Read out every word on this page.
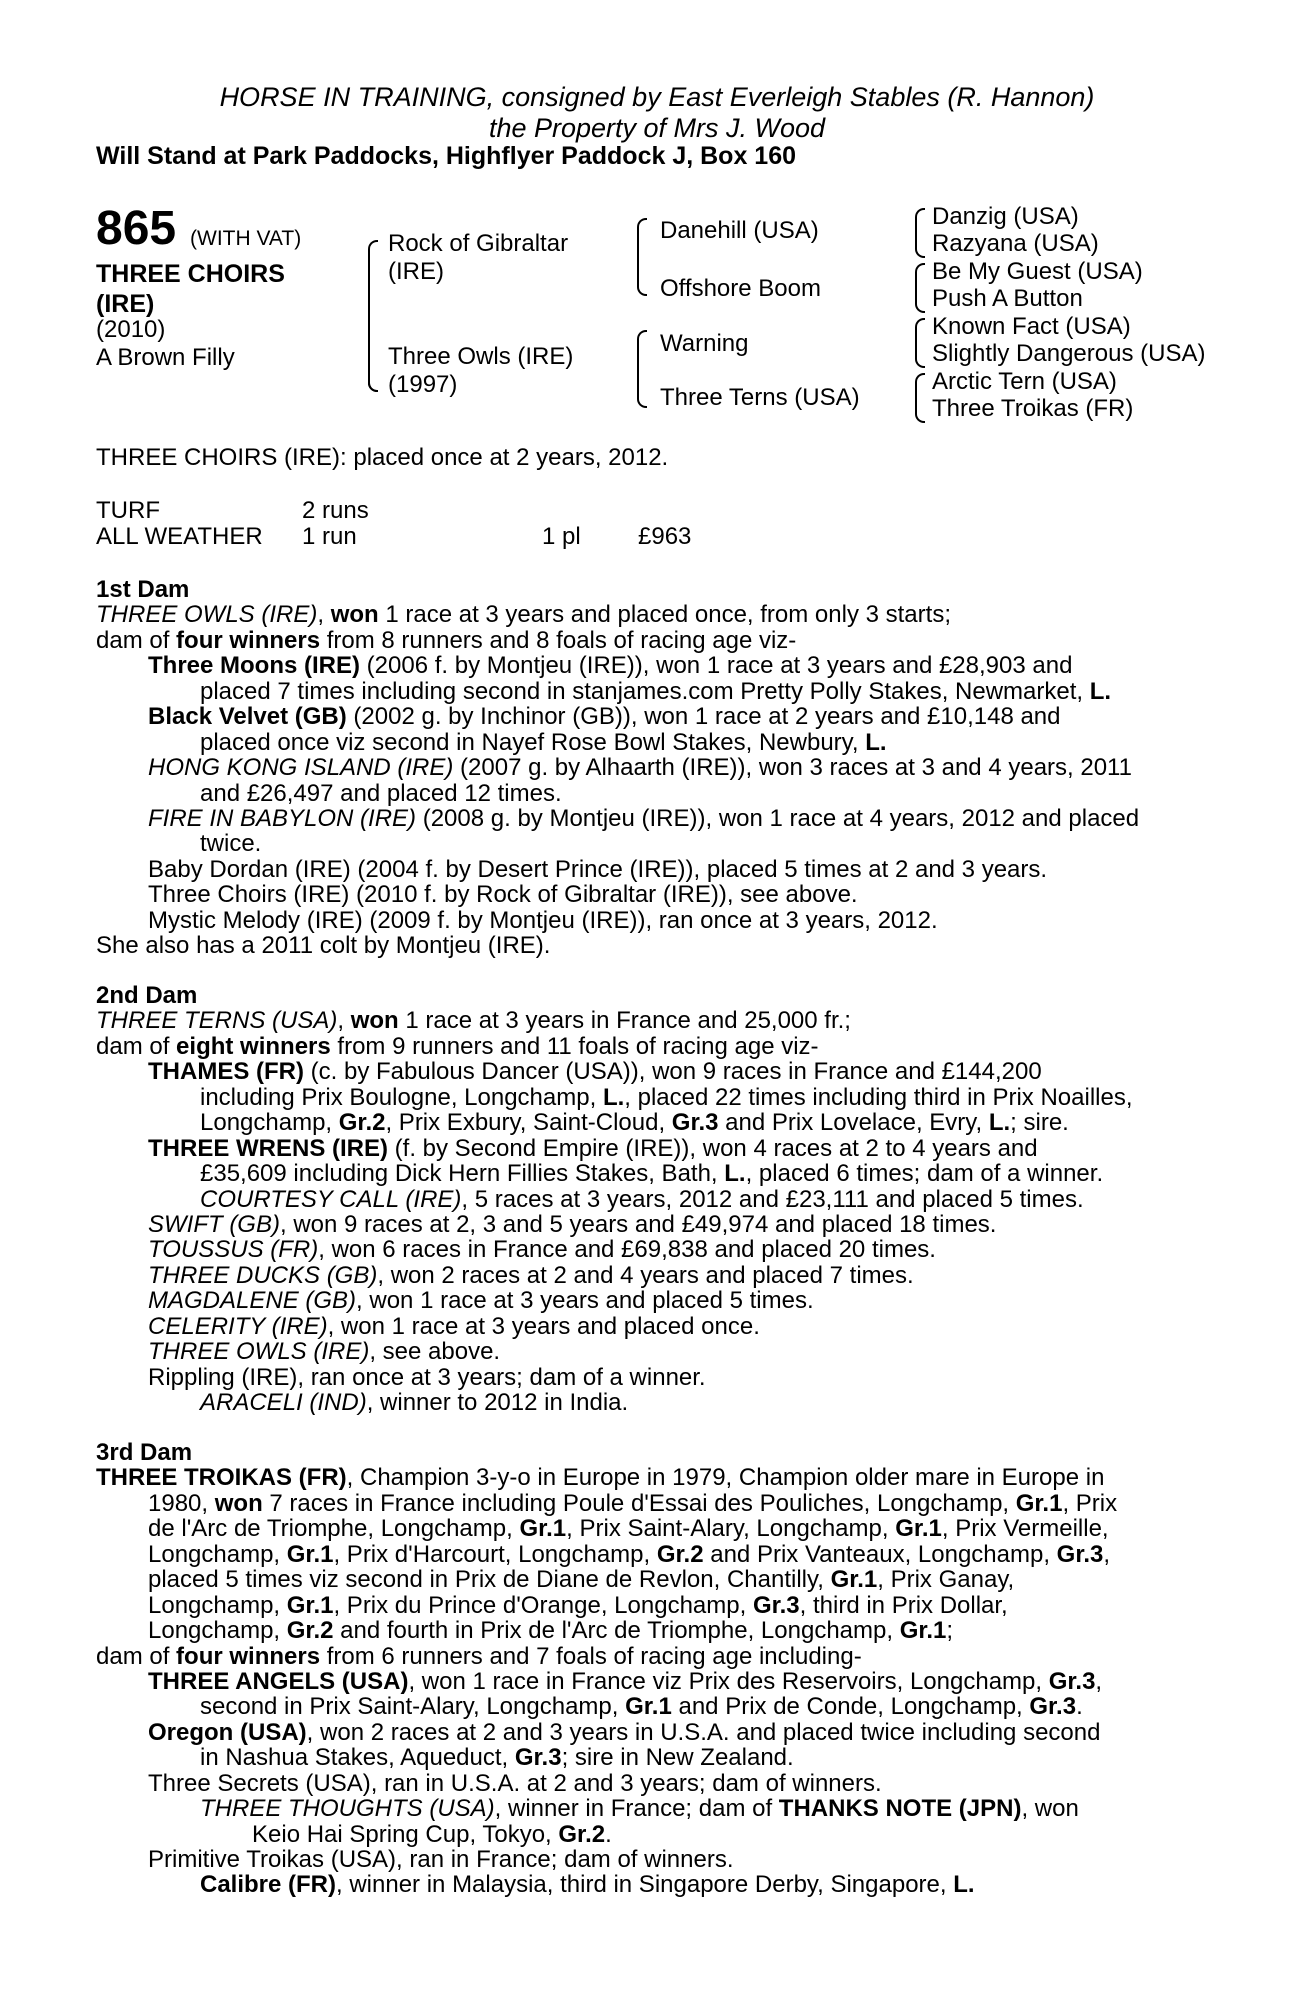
HORSE IN TRAINING, consigned by East Everleigh Stables (R. Hannon)
the Property of Mrs J. Wood
Will Stand at Park Paddocks, Highflyer Paddock J, Box 160
865 (WITH VAT)
THREE CHOIRS
(IRE)
(2010)
A Brown Filly
Rock of Gibraltar
(IRE)
Three Owls (IRE)
(1997)
Danehill (USA)
Offshore Boom
Warning
Three Terns (USA)
Danzig (USA)
Razyana (USA)
Be My Guest (USA)
Push A Button
Known Fact (USA)
Slightly Dangerous (USA)
Arctic Tern (USA)
Three Troikas (FR)
THREE CHOIRS (IRE): placed once at 2 years, 2012.
TURF	2 runs
ALL WEATHER 1 run	1 pl £963
1st Dam
THREE OWLS (IRE), won 1 race at 3 years and placed once, from only 3 starts;
dam of four winners from 8 runners and 8 foals of racing age viz-
Three Moons (IRE) (2006 f. by Montjeu (IRE)), won 1 race at 3 years and £28,903 and
placed 7 times including second in stanjames.com Pretty Polly Stakes, Newmarket, L.
Black Velvet (GB) (2002 g. by Inchinor (GB)), won 1 race at 2 years and £10,148 and
placed once viz second in Nayef Rose Bowl Stakes, Newbury, L.
HONG KONG ISLAND (IRE) (2007 g. by Alhaarth (IRE)), won 3 races at 3 and 4 years, 2011
and £26,497 and placed 12 times.
FIRE IN BABYLON (IRE) (2008 g. by Montjeu (IRE)), won 1 race at 4 years, 2012 and placed
twice.
Baby Dordan (IRE) (2004 f. by Desert Prince (IRE)), placed 5 times at 2 and 3 years.
Three Choirs (IRE) (2010 f. by Rock of Gibraltar (IRE)), see above.
Mystic Melody (IRE) (2009 f. by Montjeu (IRE)), ran once at 3 years, 2012.
She also has a 2011 colt by Montjeu (IRE).
2nd Dam
THREE TERNS (USA), won 1 race at 3 years in France and 25,000 fr.;
dam of eight winners from 9 runners and 11 foals of racing age viz-
THAMES (FR) (c. by Fabulous Dancer (USA)), won 9 races in France and £144,200
including Prix Boulogne, Longchamp, L., placed 22 times including third in Prix Noailles,
Longchamp, Gr.2, Prix Exbury, Saint-Cloud, Gr.3 and Prix Lovelace, Evry, L.; sire.
THREE WRENS (IRE) (f. by Second Empire (IRE)), won 4 races at 2 to 4 years and
£35,609 including Dick Hern Fillies Stakes, Bath, L., placed 6 times; dam of a winner.
COURTESY CALL (IRE), 5 races at 3 years, 2012 and £23,111 and placed 5 times.
SWIFT (GB), won 9 races at 2, 3 and 5 years and £49,974 and placed 18 times.
TOUSSUS (FR), won 6 races in France and £69,838 and placed 20 times.
THREE DUCKS (GB), won 2 races at 2 and 4 years and placed 7 times.
MAGDALENE (GB), won 1 race at 3 years and placed 5 times.
CELERITY (IRE), won 1 race at 3 years and placed once.
THREE OWLS (IRE), see above.
Rippling (IRE), ran once at 3 years; dam of a winner.
ARACELI (IND), winner to 2012 in India.
3rd Dam
THREE TROIKAS (FR), Champion 3-y-o in Europe in 1979, Champion older mare in Europe in
1980, won 7 races in France including Poule d'Essai des Pouliches, Longchamp, Gr.1, Prix
de l'Arc de Triomphe, Longchamp, Gr.1, Prix Saint-Alary, Longchamp, Gr.1, Prix Vermeille,
Longchamp, Gr.1, Prix d'Harcourt, Longchamp, Gr.2 and Prix Vanteaux, Longchamp, Gr.3,
placed 5 times viz second in Prix de Diane de Revlon, Chantilly, Gr.1, Prix Ganay,
Longchamp, Gr.1, Prix du Prince d'Orange, Longchamp, Gr.3, third in Prix Dollar,
Longchamp, Gr.2 and fourth in Prix de l'Arc de Triomphe, Longchamp, Gr.1;
dam of four winners from 6 runners and 7 foals of racing age including-
THREE ANGELS (USA), won 1 race in France viz Prix des Reservoirs, Longchamp, Gr.3,
second in Prix Saint-Alary, Longchamp, Gr.1 and Prix de Conde, Longchamp, Gr.3.
Oregon (USA), won 2 races at 2 and 3 years in U.S.A. and placed twice including second
in Nashua Stakes, Aqueduct, Gr.3; sire in New Zealand.
Three Secrets (USA), ran in U.S.A. at 2 and 3 years; dam of winners.
THREE THOUGHTS (USA), winner in France; dam of THANKS NOTE (JPN), won
Keio Hai Spring Cup, Tokyo, Gr.2.
Primitive Troikas (USA), ran in France; dam of winners.
Calibre (FR), winner in Malaysia, third in Singapore Derby, Singapore, L.
